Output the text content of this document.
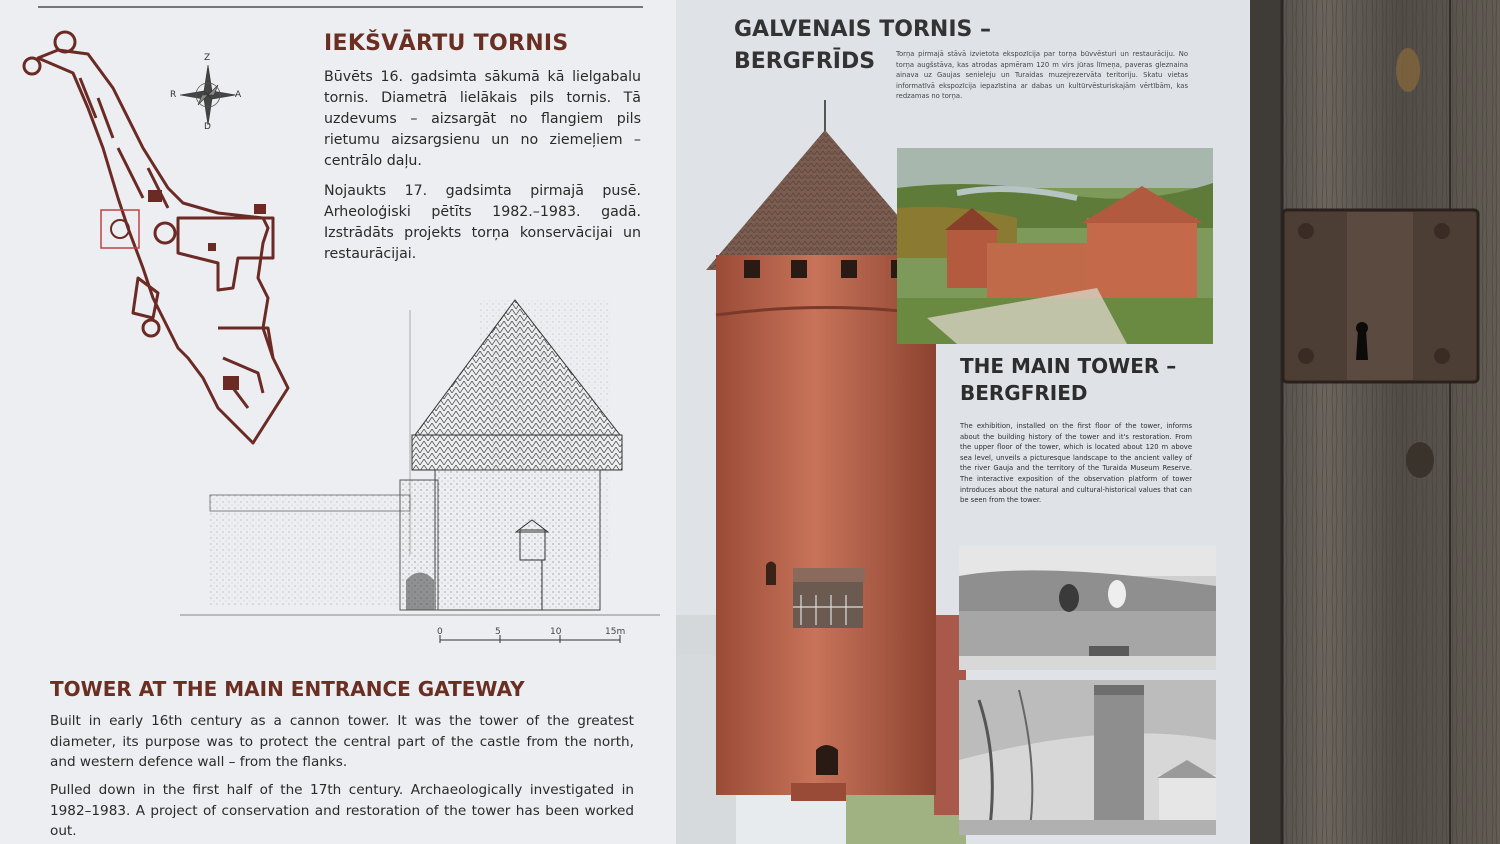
Z
R	A
D
IEKŠVĀRTU TORNIS
Būvēts 16. gadsimta sākumā kā lielgabalu tornis. Diametrā lielākais pils tornis. Tā uzdevums – aizsargāt no flangiem pils rietumu aizsargsienu un no ziemeļiem – centrālo daļu.
Nojaukts 17. gadsimta pirmajā pusē. Arheoloģiski pētīts 1982.–1983. gadā. Izstrādāts projekts torņa konservācijai un restaurācijai.
0	5	10	15m
TOWER AT THE MAIN ENTRANCE GATEWAY
Built in early 16th century as a cannon tower. It was the tower of the greatest diameter, its purpose was to protect the central part of the castle from the north, and western defence wall – from the flanks.
Pulled down in the first half of the 17th century. Archaeologically investigated in 1982–1983. A project of conservation and restoration of the tower has been worked out.
GALVENAIS TORNIS –
BERGFRĪDS	Torņa pirmajā stāvā izvietota ekspozīcija par torņa būvvēsturi un restaurāciju. No torņa augšstāva, kas atrodas apmēram 120 m virs jūras līmeņa, paveras gleznaina ainava uz Gaujas senieleju un Turaidas muzejrezervāta teritoriju. Skatu vietas informatīvā ekspozīcija iepazīstina ar dabas un kultūrvēsturiskajām vērtībām, kas redzamas no torņa.
THE MAIN TOWER –
BERGFRIED
The exhibition, installed on the first floor of the tower, informs about the building history of the tower and it's restoration. From the upper floor of the tower, which is located about 120 m above sea level, unveils a picturesque landscape to the ancient valley of the river Gauja and the territory of the Turaida Museum Reserve. The interactive exposition of the observation platform of tower introduces about the natural and cultural-historical values that can be seen from the tower.
